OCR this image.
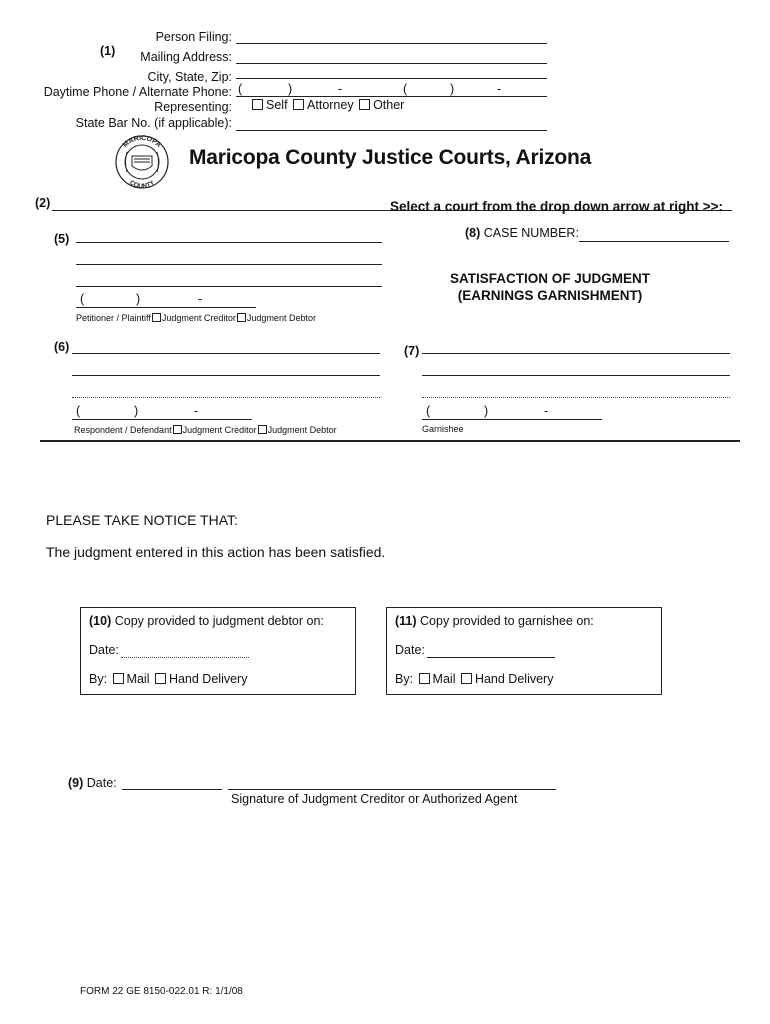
(1)
Person Filing:
Mailing Address:
City, State, Zip:
Daytime Phone / Alternate Phone: (	)	-	(	)	-
Representing:	Self Attorney Other
State Bar No. (if applicable):
MARICOPA
COUNTY
Maricopa County Justice Courts, Arizona
(2)	Select a court from the drop down arrow at right >>:
(5)
(	)	-
Petitioner / Plaintiff Judgment Creditor Judgment Debtor
(8) CASE NUMBER:
SATISFACTION OF JUDGMENT
(EARNINGS GARNISHMENT)
(6)
(	)	-
Respondent / Defendant Judgment Creditor Judgment Debtor
(7)
(	)	-
Garnishee
PLEASE TAKE NOTICE THAT:
The judgment entered in this action has been satisfied.
(10) Copy provided to judgment debtor on:
Date:
By: Mail Hand Delivery
(11) Copy provided to garnishee on:
Date:
By: Mail Hand Delivery
(9) Date:
Signature of Judgment Creditor or Authorized Agent
FORM 22 GE 8150-022.01 R: 1/1/08
